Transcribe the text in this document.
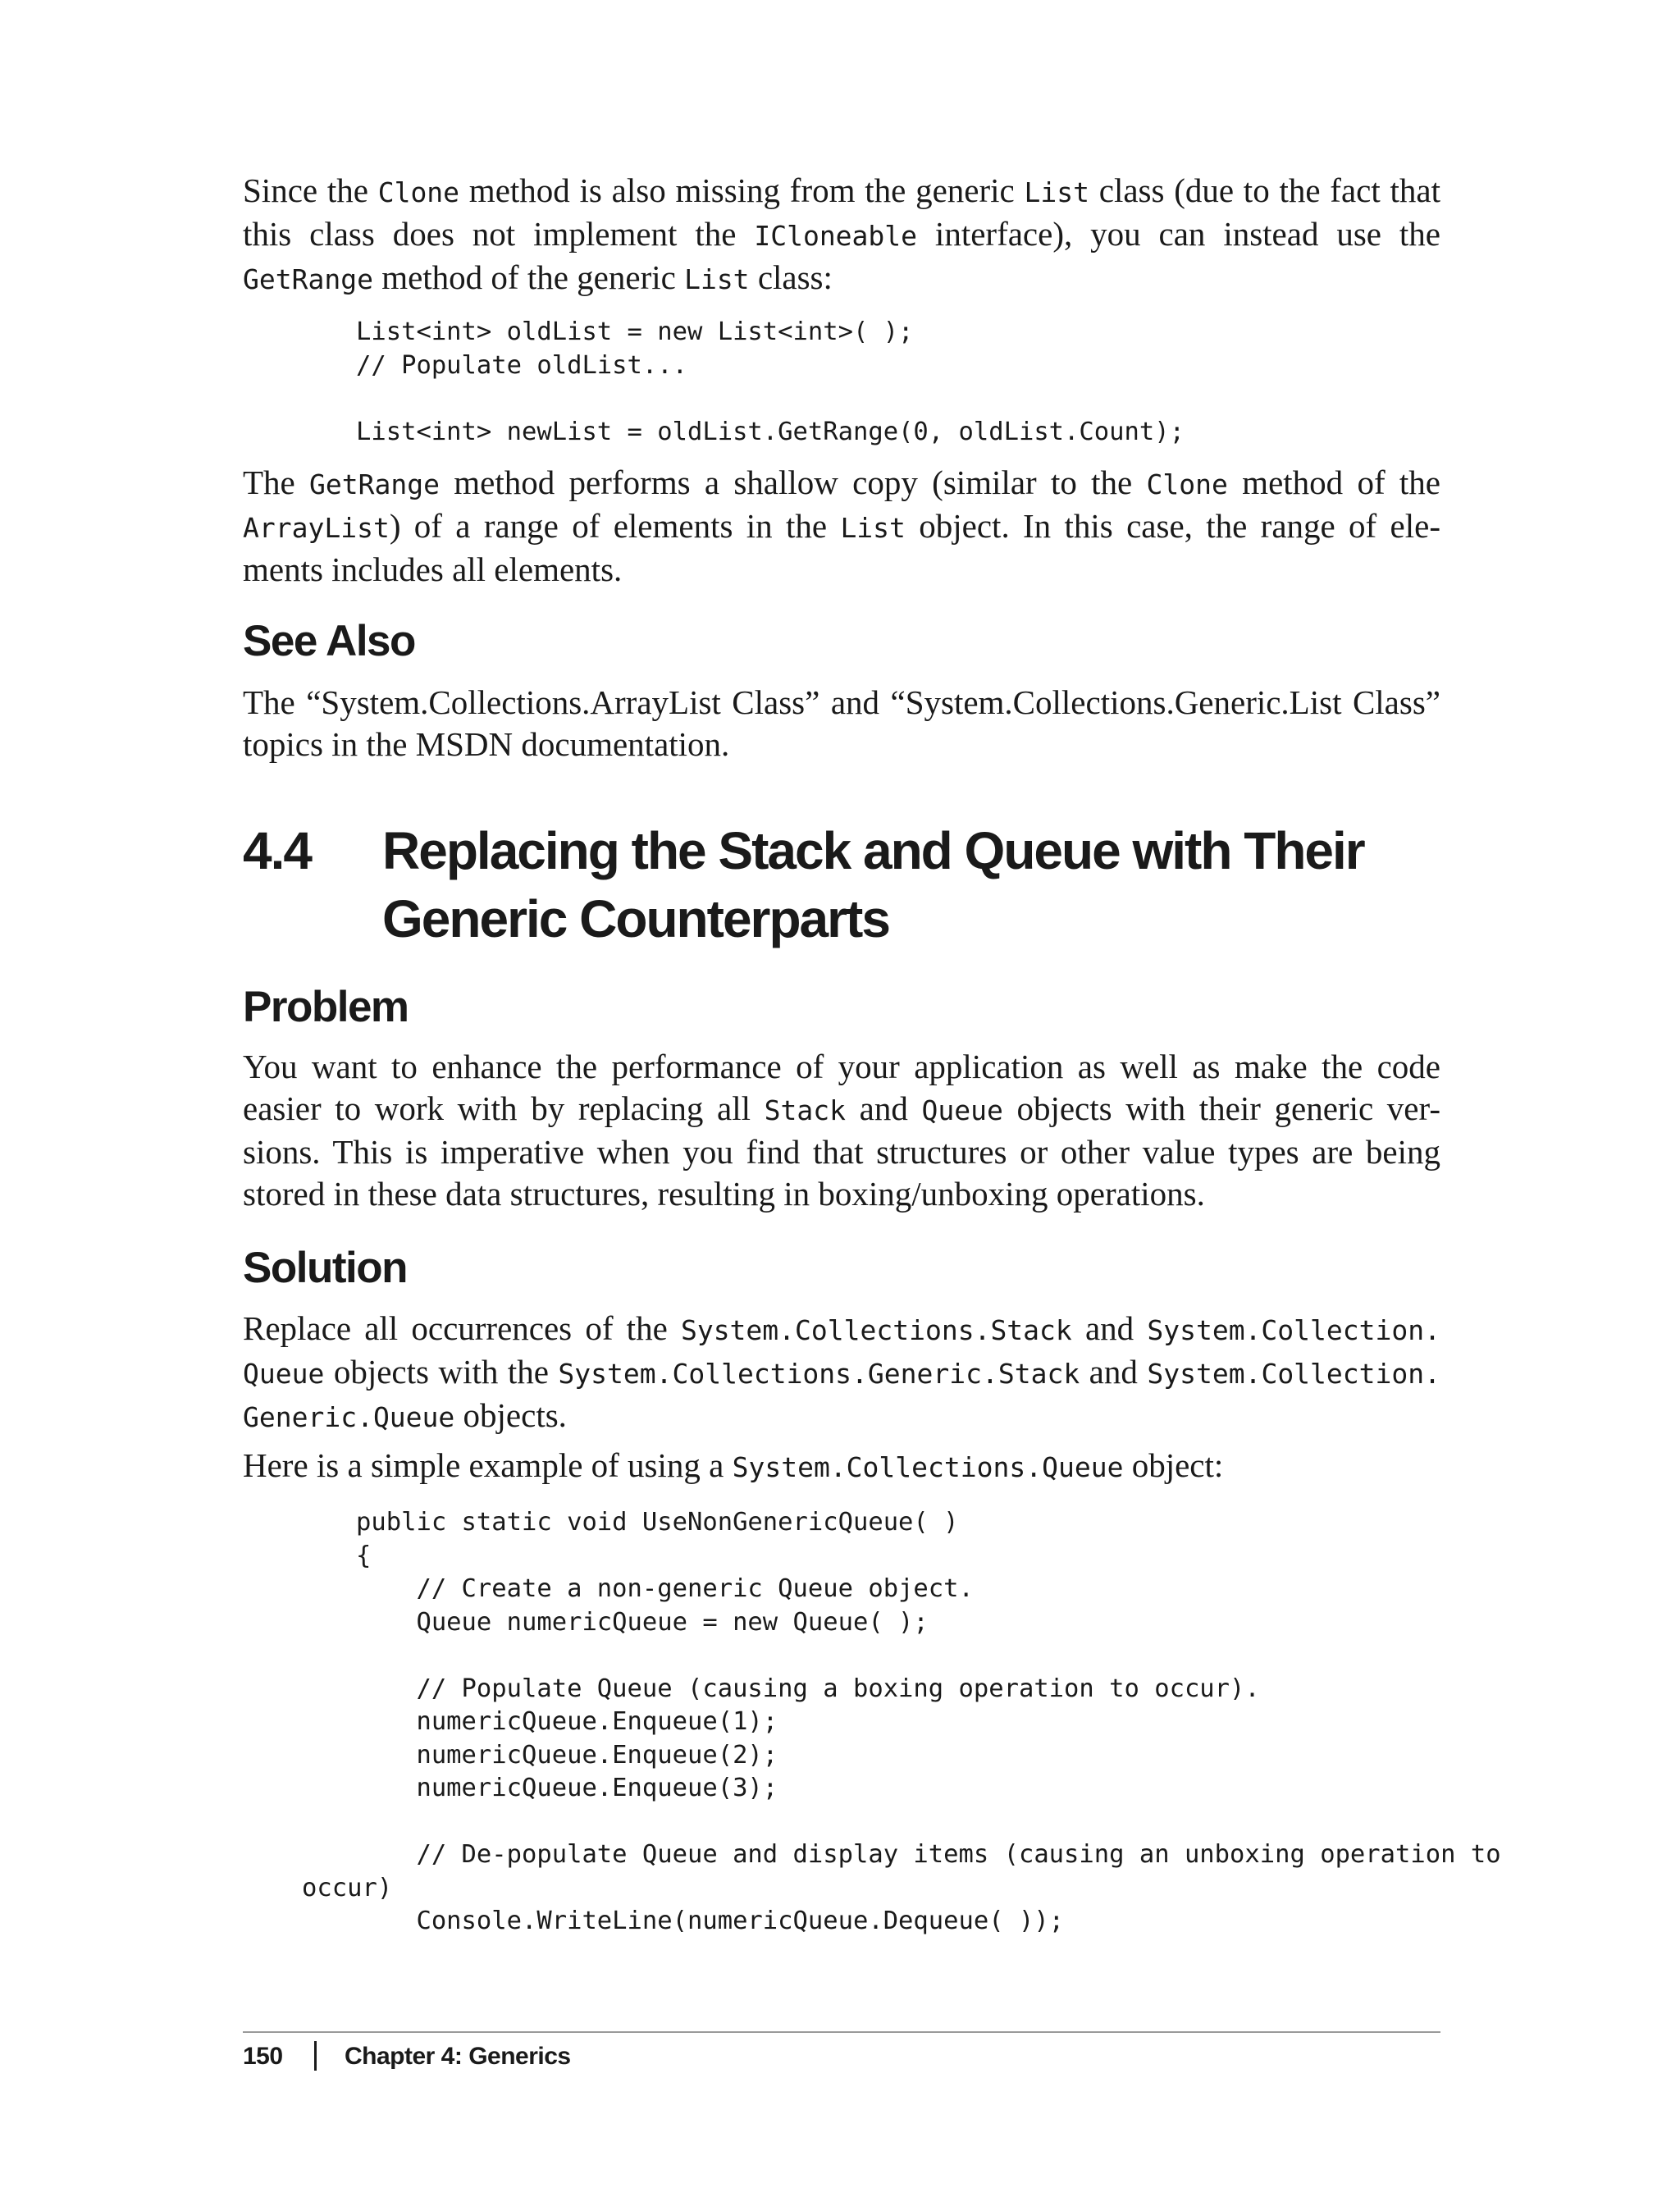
Since the Clone method is also missing from the generic List class (due to the fact that this class does not implement the ICloneable interface), you can instead use the GetRange method of the generic List class:

List<int> oldList = new List<int>( );
// Populate oldList...

List<int> newList = oldList.GetRange(0, oldList.Count);

The GetRange method performs a shallow copy (similar to the Clone method of the ArrayList) of a range of elements in the List object. In this case, the range of ele-ments includes all elements.

See Also

The “System.Collections.ArrayList Class” and “System.Collections.Generic.List Class” topics in the MSDN documentation.

4.4 Replacing the Stack and Queue with Their
Generic Counterparts
Problem

You want to enhance the performance of your application as well as make the code easier to work with by replacing all Stack and Queue objects with their generic ver-sions. This is imperative when you find that structures or other value types are being stored in these data structures, resulting in boxing/unboxing operations.

Solution

Replace all occurrences of the System.Collections.Stack and System.Collection. Queue objects with the System.Collections.Generic.Stack and System.Collection. Generic.Queue objects.

Here is a simple example of using a System.Collections.Queue object:

public static void UseNonGenericQueue( )
{
// Create a non-generic Queue object.
Queue numericQueue = new Queue( );

// Populate Queue (causing a boxing operation to occur).
numericQueue.Enqueue(1);
numericQueue.Enqueue(2);
numericQueue.Enqueue(3);

// De-populate Queue and display items (causing an unboxing operation to
occur)
Console.WriteLine(numericQueue.Dequeue( ));
150	Chapter 4: Generics
